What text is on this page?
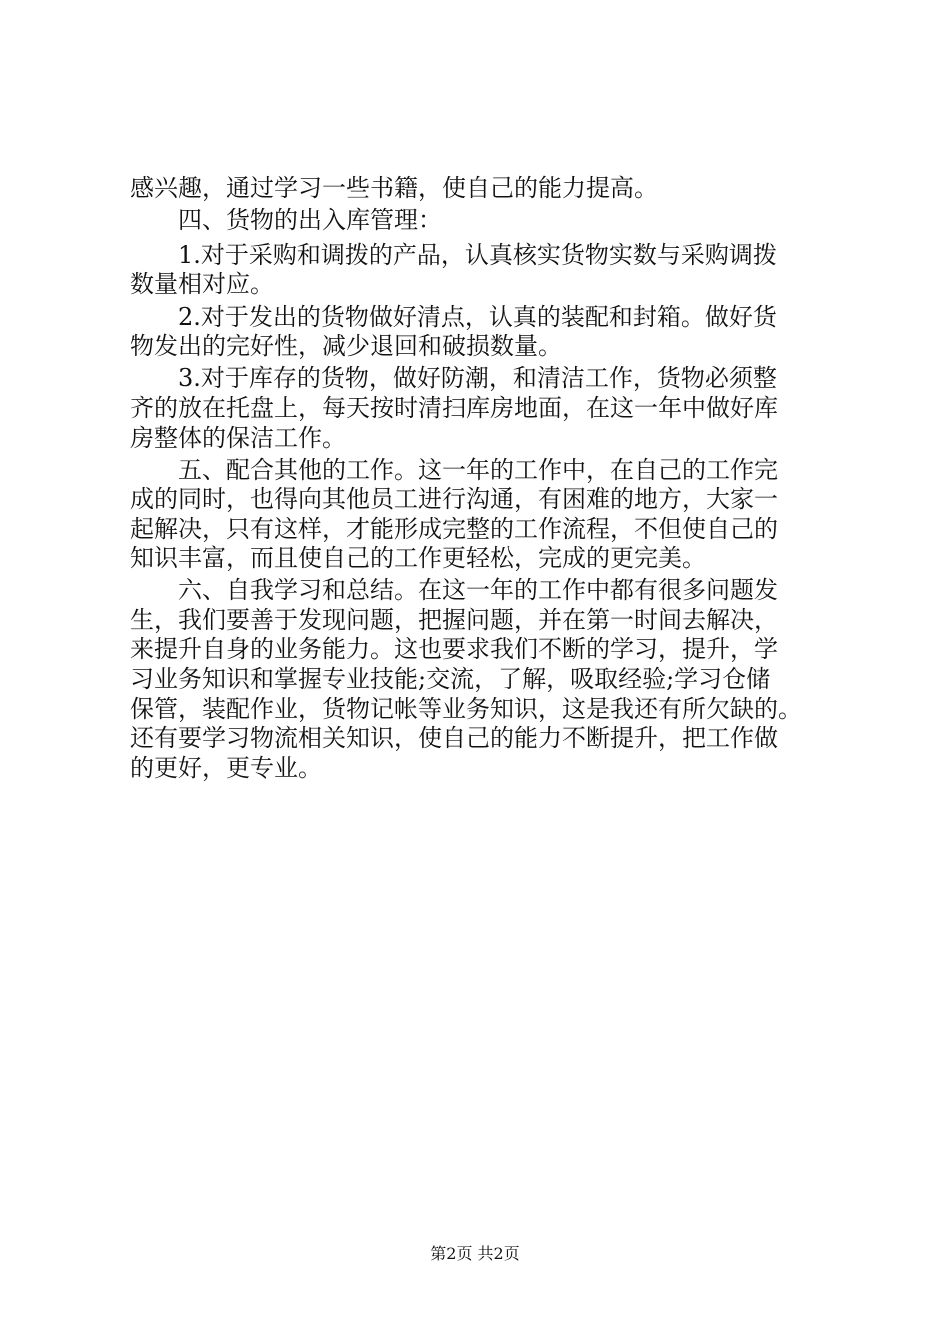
感兴趣，通过学习一些书籍，使自己的能力提高。

四、货物的出入库管理：

1.对于采购和调拨的产品，认真核实货物实数与采购调拨

数量相对应。

2.对于发出的货物做好清点，认真的装配和封箱。做好货

物发出的完好性，减少退回和破损数量。

3.对于库存的货物，做好防潮，和清洁工作，货物必须整

齐的放在托盘上，每天按时清扫库房地面，在这一年中做好库

房整体的保洁工作。

五、配合其他的工作。这一年的工作中，在自己的工作完

成的同时，也得向其他员工进行沟通，有困难的地方，大家一

起解决，只有这样，才能形成完整的工作流程，不但使自己的

知识丰富，而且使自己的工作更轻松，完成的更完美。

六、自我学习和总结。在这一年的工作中都有很多问题发

生，我们要善于发现问题，把握问题，并在第一时间去解决，

来提升自身的业务能力。这也要求我们不断的学习，提升，学

习业务知识和掌握专业技能;交流，了解，吸取经验;学习仓储

保管，装配作业，货物记帐等业务知识，这是我还有所欠缺的。

还有要学习物流相关知识，使自己的能力不断提升，把工作做

的更好，更专业。

第2页 共2页
